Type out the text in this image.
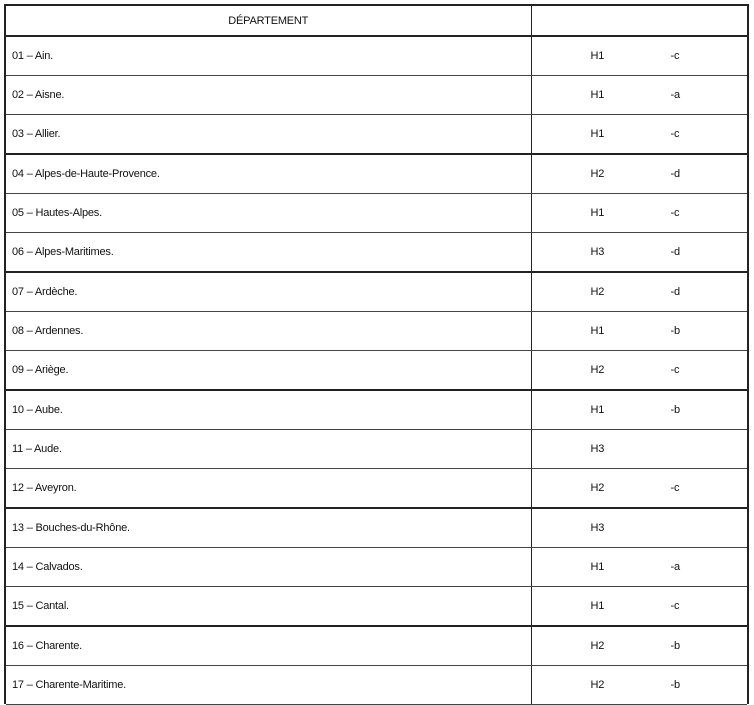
DÉPARTEMENT	
01 – Ain.	H1 -c

02 – Aisne.	H1 -a

03 – Allier.	H1 -c

04 – Alpes-de-Haute-Provence.	H2 -d

05 – Hautes-Alpes.	H1 -c

06 – Alpes-Maritimes.	H3 -d

07 – Ardèche.	H2 -d

08 – Ardennes.	H1 -b

09 – Ariège.	H2 -c

10 – Aube.	H1 -b

11 – Aude.	H3

12 – Aveyron.	H2 -c

13 – Bouches-du-Rhône.	H3

14 – Calvados.	H1 -a

15 – Cantal.	H1 -c

16 – Charente.	H2 -b

17 – Charente-Maritime.	H2 -b
